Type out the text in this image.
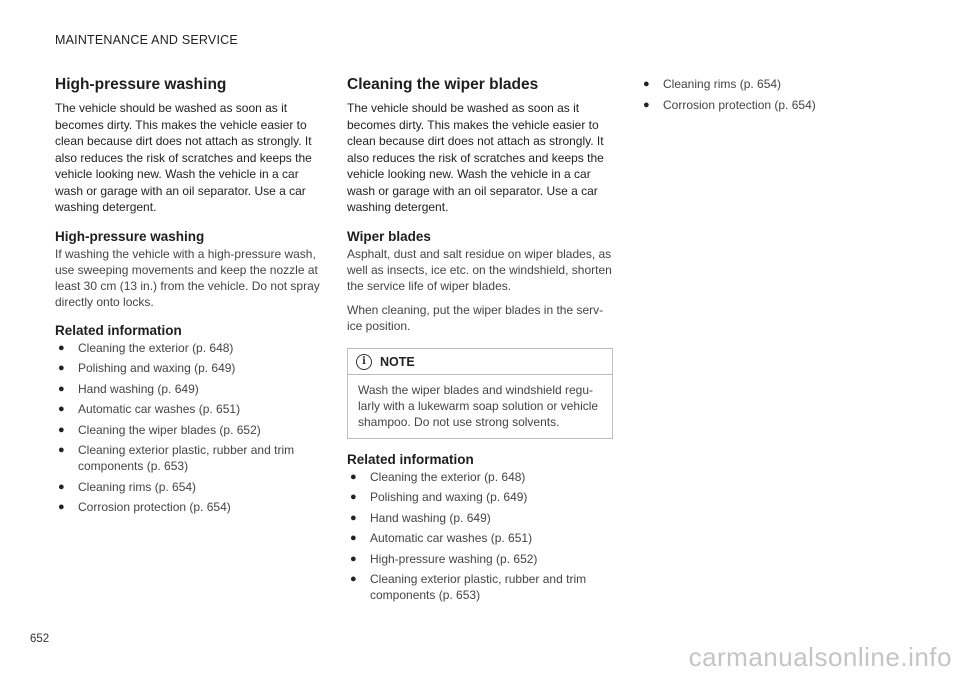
MAINTENANCE AND SERVICE
High-pressure washing

The vehicle should be washed as soon as it becomes dirty. This makes the vehicle easier to clean because dirt does not attach as strongly. It also reduces the risk of scratches and keeps the vehicle looking new. Wash the vehicle in a car wash or garage with an oil separator. Use a car washing detergent.

High-pressure washing

If washing the vehicle with a high-pressure wash, use sweeping movements and keep the nozzle at least 30 cm (13 in.) from the vehicle. Do not spray directly onto locks.

Related information
● Cleaning the exterior (p. 648)
● Polishing and waxing (p. 649)
● Hand washing (p. 649)
● Automatic car washes (p. 651)
● Cleaning the wiper blades (p. 652)
● Cleaning exterior plastic, rubber and trim components (p. 653)
● Cleaning rims (p. 654)
● Corrosion protection (p. 654)
Cleaning the wiper blades

The vehicle should be washed as soon as it becomes dirty. This makes the vehicle easier to clean because dirt does not attach as strongly. It also reduces the risk of scratches and keeps the vehicle looking new. Wash the vehicle in a car wash or garage with an oil separator. Use a car washing detergent.

Wiper blades

Asphalt, dust and salt residue on wiper blades, as well as insects, ice etc. on the windshield, shorten the service life of wiper blades.

When cleaning, put the wiper blades in the serv-ice position.

i	NOTE
Wash the wiper blades and windshield regu-larly with a lukewarm soap solution or vehicle shampoo. Do not use strong solvents.
Related information
● Cleaning the exterior (p. 648)
● Polishing and waxing (p. 649)
● Hand washing (p. 649)
● Automatic car washes (p. 651)
● High-pressure washing (p. 652)
● Cleaning exterior plastic, rubber and trim components (p. 653)
● Cleaning rims (p. 654)
● Corrosion protection (p. 654)
652
carmanualsonline.info
